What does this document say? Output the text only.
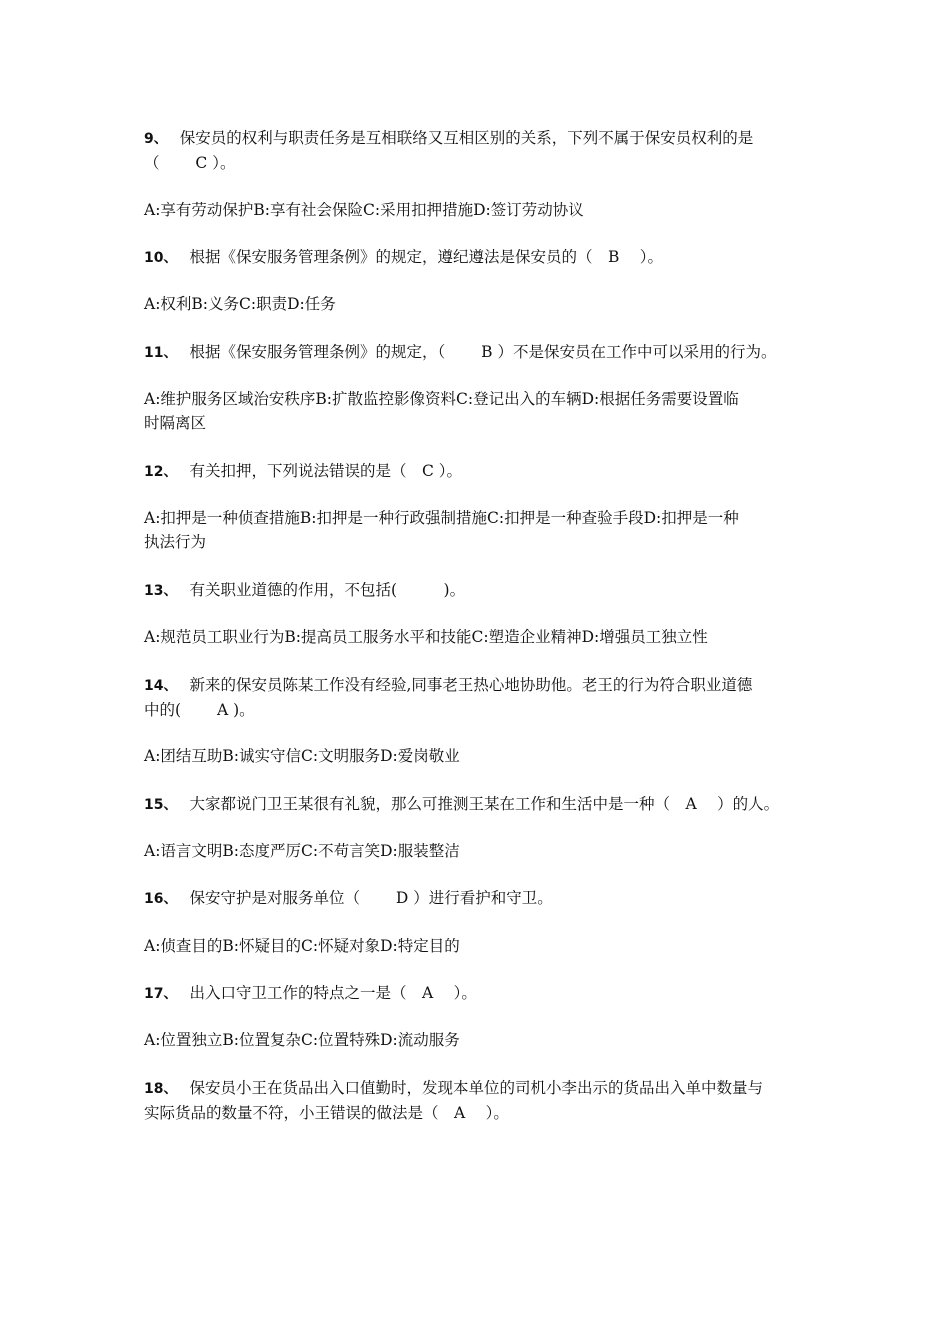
9、 保安员的权利与职责任务是互相联络又互相区别的关系，下列不属于保安员权利的是
（　　 C ）。
A:享有劳动保护B:享有社会保险C:采用扣押措施D:签订劳动协议
10、 根据《保安服务管理条例》的规定，遵纪遵法是保安员的（　B　 ）。
A:权利B:义务C:职责D:任务
11、 根据《保安服务管理条例》的规定，（　　 B ）不是保安员在工作中可以采用的行为。
A:维护服务区域治安秩序B:扩散监控影像资料C:登记出入的车辆D:根据任务需要设置临
时隔离区
12、 有关扣押，下列说法错误的是（　C ）。
A:扣押是一种侦查措施B:扣押是一种行政强制措施C:扣押是一种查验手段D:扣押是一种
执法行为
13、 有关职业道德的作用，不包括(　　　)。
A:规范员工职业行为B:提高员工服务水平和技能C:塑造企业精神D:增强员工独立性
14、 新来的保安员陈某工作没有经验,同事老王热心地协助他。老王的行为符合职业道德
中的(　　 A )。
A:团结互助B:诚实守信C:文明服务D:爱岗敬业
15、 大家都说门卫王某很有礼貌，那么可推测王某在工作和生活中是一种（　A　 ）的人。
A:语言文明B:态度严厉C:不苟言笑D:服装整洁
16、 保安守护是对服务单位（　　 D ）进行看护和守卫。
A:侦查目的B:怀疑目的C:怀疑对象D:特定目的
17、 出入口守卫工作的特点之一是（　A　 ）。
A:位置独立B:位置复杂C:位置特殊D:流动服务
18、 保安员小王在货品出入口值勤时，发现本单位的司机小李出示的货品出入单中数量与
实际货品的数量不符，小王错误的做法是（　A　 ）。
